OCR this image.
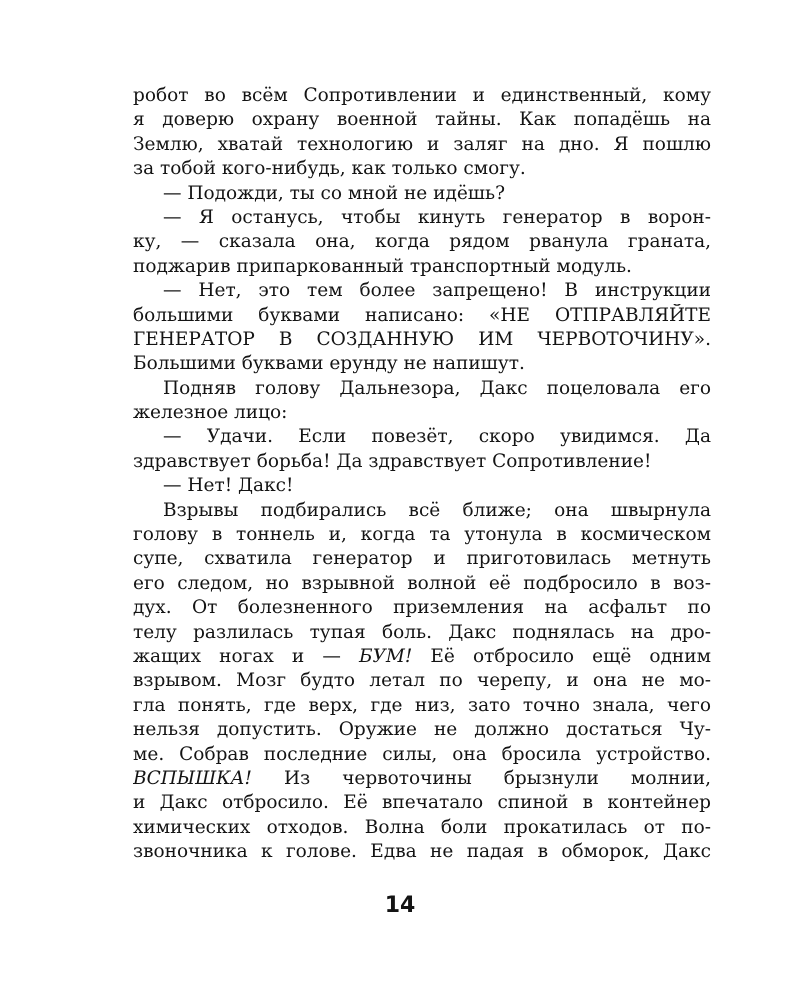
робот во всём Сопротивлении и единственный, кому
я доверю охрану военной тайны. Как попадёшь на
Землю, хватай технологию и заляг на дно. Я пошлю
за тобой кого-нибудь, как только смогу.
— Подожди, ты со мной не идёшь?
— Я останусь, чтобы кинуть генератор в ворон-
ку, — сказала она, когда рядом рванула граната,
поджарив припаркованный транспортный модуль.
— Нет, это тем более запрещено! В инструкции
большими буквами написано: «НЕ ОТПРАВЛЯЙТЕ
ГЕНЕРАТОР В СОЗДАННУЮ ИМ ЧЕРВОТОЧИНУ».
Большими буквами ерунду не напишут.
Подняв голову Дальнезора, Дакс поцеловала его
железное лицо:
— Удачи. Если повезёт, скоро увидимся. Да
здравствует борьба! Да здравствует Сопротивление!
— Нет! Дакс!
Взрывы подбирались всё ближе; она швырнула
голову в тоннель и, когда та утонула в космическом
супе, схватила генератор и приготовилась метнуть
его следом, но взрывной волной её подбросило в воз-
дух. От болезненного приземления на асфальт по
телу разлилась тупая боль. Дакс поднялась на дро-
жащих ногах и — БУМ! Её отбросило ещё одним
взрывом. Мозг будто летал по черепу, и она не мо-
гла понять, где верх, где низ, зато точно знала, чего
нельзя допустить. Оружие не должно достаться Чу-
ме. Собрав последние силы, она бросила устройство.
ВСПЫШКА! Из червоточины брызнули молнии,
и Дакс отбросило. Её впечатало спиной в контейнер
химических отходов. Волна боли прокатилась от по-
звоночника к голове. Едва не падая в обморок, Дакс
14
